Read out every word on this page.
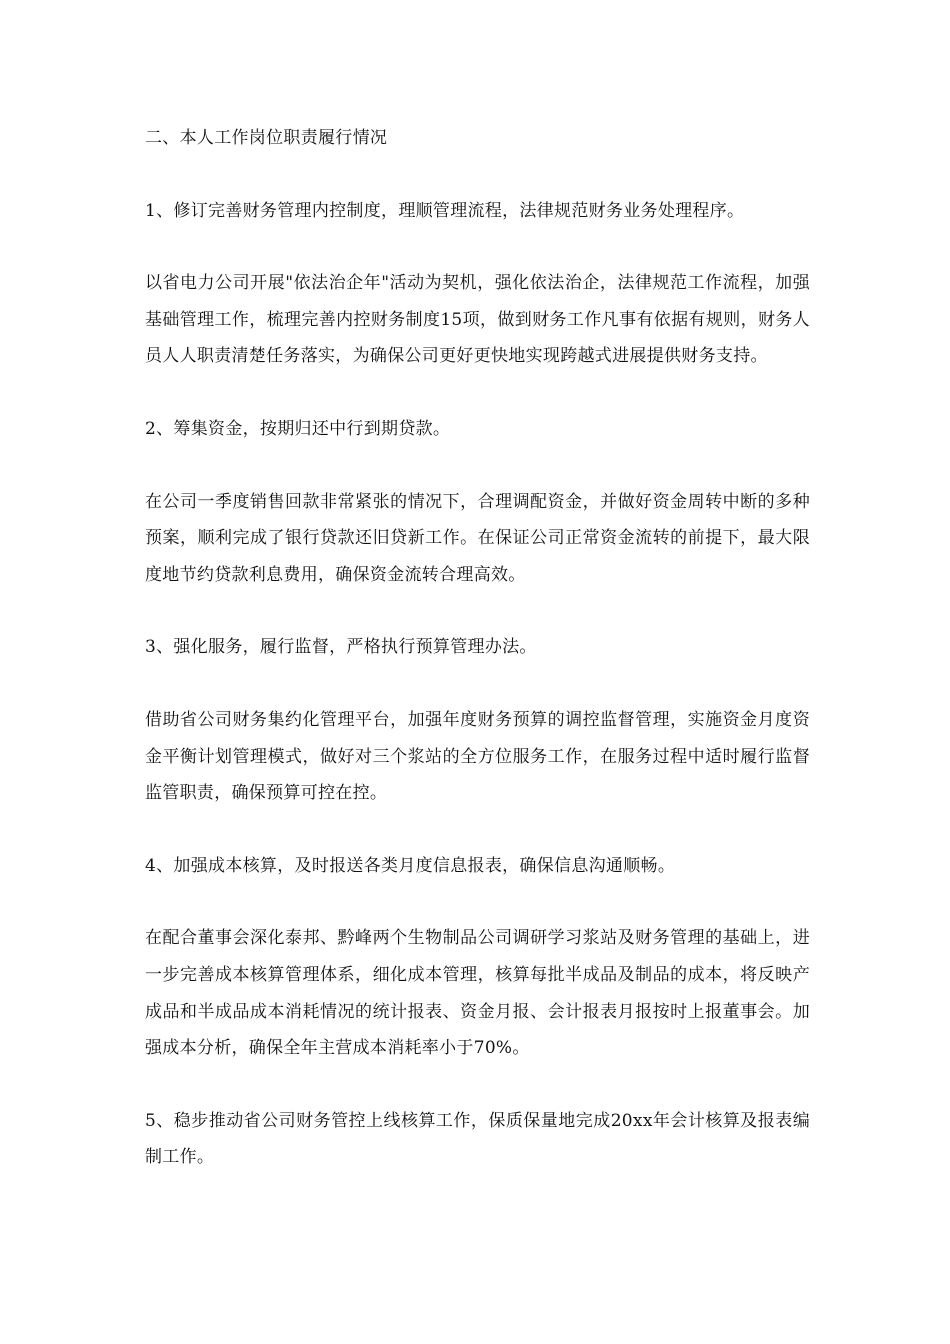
二、本人工作岗位职责履行情况

1、修订完善财务管理内控制度，理顺管理流程，法律规范财务业务处理程序。

以省电力公司开展"依法治企年"活动为契机，强化依法治企，法律规范工作流程，加强基础管理工作，梳理完善内控财务制度15项，做到财务工作凡事有依据有规则，财务人员人人职责清楚任务落实，为确保公司更好更快地实现跨越式进展提供财务支持。

2、筹集资金，按期归还中行到期贷款。

在公司一季度销售回款非常紧张的情况下，合理调配资金，并做好资金周转中断的多种预案，顺利完成了银行贷款还旧贷新工作。在保证公司正常资金流转的前提下，最大限度地节约贷款利息费用，确保资金流转合理高效。

3、强化服务，履行监督，严格执行预算管理办法。

借助省公司财务集约化管理平台，加强年度财务预算的调控监督管理，实施资金月度资金平衡计划管理模式，做好对三个浆站的全方位服务工作，在服务过程中适时履行监督监管职责，确保预算可控在控。

4、加强成本核算，及时报送各类月度信息报表，确保信息沟通顺畅。

在配合董事会深化泰邦、黔峰两个生物制品公司调研学习浆站及财务管理的基础上，进一步完善成本核算管理体系，细化成本管理，核算每批半成品及制品的成本，将反映产成品和半成品成本消耗情况的统计报表、资金月报、会计报表月报按时上报董事会。加强成本分析，确保全年主营成本消耗率小于70%。

5、稳步推动省公司财务管控上线核算工作，保质保量地完成20xx年会计核算及报表编制工作。
